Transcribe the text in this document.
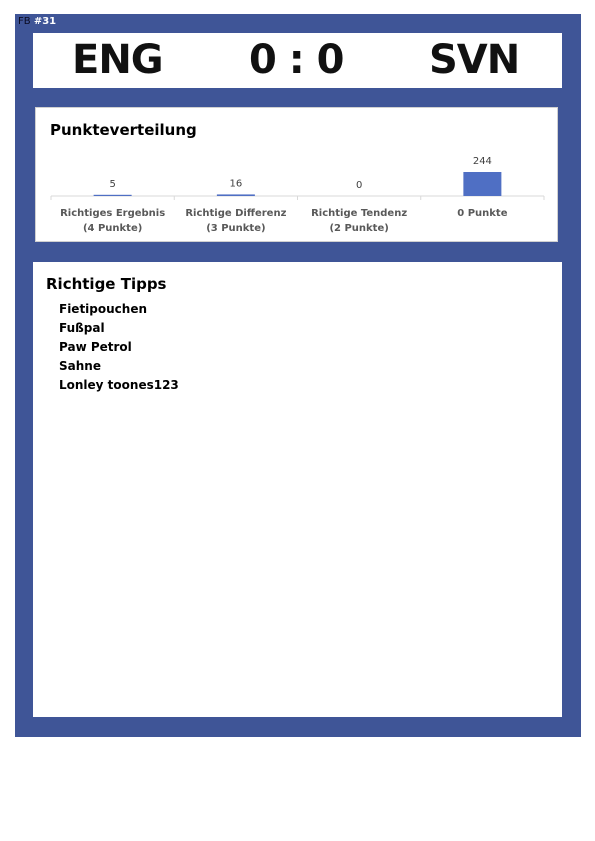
FB #31
ENG 0 : 0 SVN
Punkteverteilung
5
Richtiges Ergebnis
(4 Punkte)
16
Richtige Differenz
(3 Punkte)
0
Richtige Tendenz
(2 Punkte)
244
0 Punkte
Richtige Tipps
Fietipouchen
Fußpal
Paw Petrol
Sahne
Lonley toones123
